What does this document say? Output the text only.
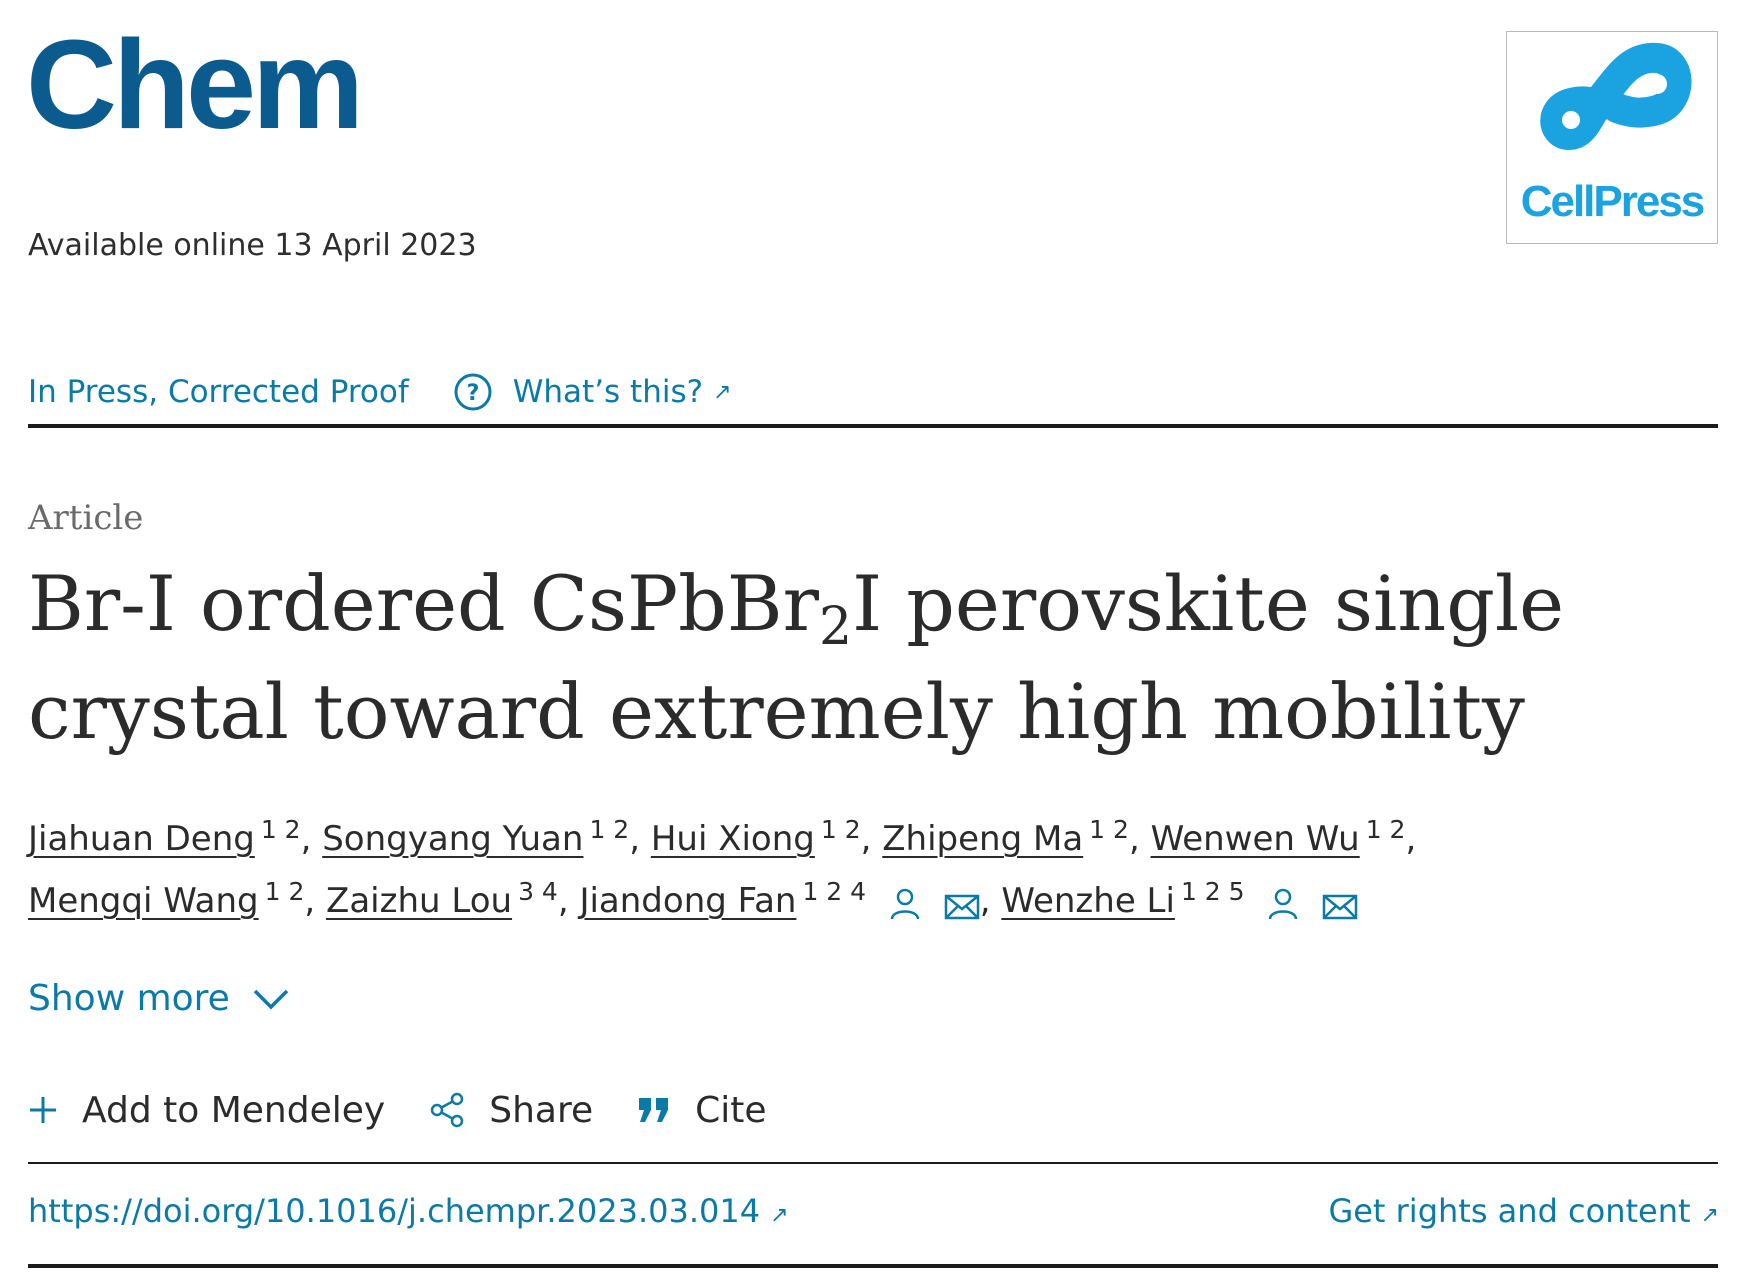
Chem
CellPress
Available online 13 April 2023
In Press, Corrected Proof	? What’s this? ↗
Article
Br-I ordered CsPbBr$_2$I perovskite single crystal toward extremely high mobility
Jiahuan Deng $^{1 2}$, Songyang Yuan $^{1 2}$, Hui Xiong $^{1 2}$, Zhipeng Ma $^{1 2}$, Wenwen Wu $^{1 2}$,
Mengqi Wang $^{1 2}$, Zaizhu Lou $^{3 4}$, Jiandong Fan $^{1 2 4}$	, Wenzhe Li $^{1 2 5}$
Show more
Add to Mendeley	Share	Cite
https://doi.org/10.1016/j.chempr.2023.03.014 ↗	Get rights and content ↗
